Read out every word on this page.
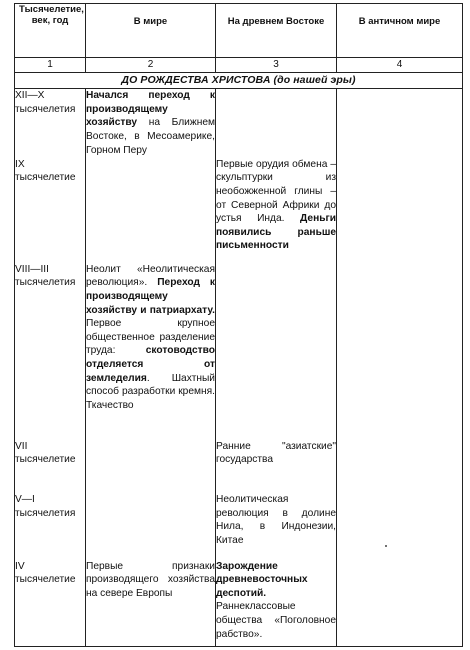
Тысячелетие, век, год	В мире	На древнем Востоке	В античном мире
1	2	3	4
ДО РОЖДЕСТВА ХРИСТОВА (до нашей эры)			
XII—X тысячелетия	Начался переход к производящему хозяйству на Ближнем Востоке, в Месоамерике, Горном Перу		
IX тысячелетие		Первые орудия обмена – скульптурки из необожженной глины – от Северной Африки до устья Инда. Деньги появились раньше письменности	
VIII—III тысячелетия	Неолит «Неолитическая революция». Переход к производящему хозяйству и патриархату. Первое крупное общественное разделение труда: скотоводство отделяется от земледелия. Шахтный способ разработки кремня. Ткачество		
VII тысячелетие		Ранние "азиатские" государства	
V—I тысячелетия		Неолитическая революция в долине Нила, в Индонезии, Китае	
IV тысячелетие	Первые признаки производящего хозяйства на севере Европы	Зарождение древневосточных деспотий. Раннеклассовые общества «Поголовное рабство».	
